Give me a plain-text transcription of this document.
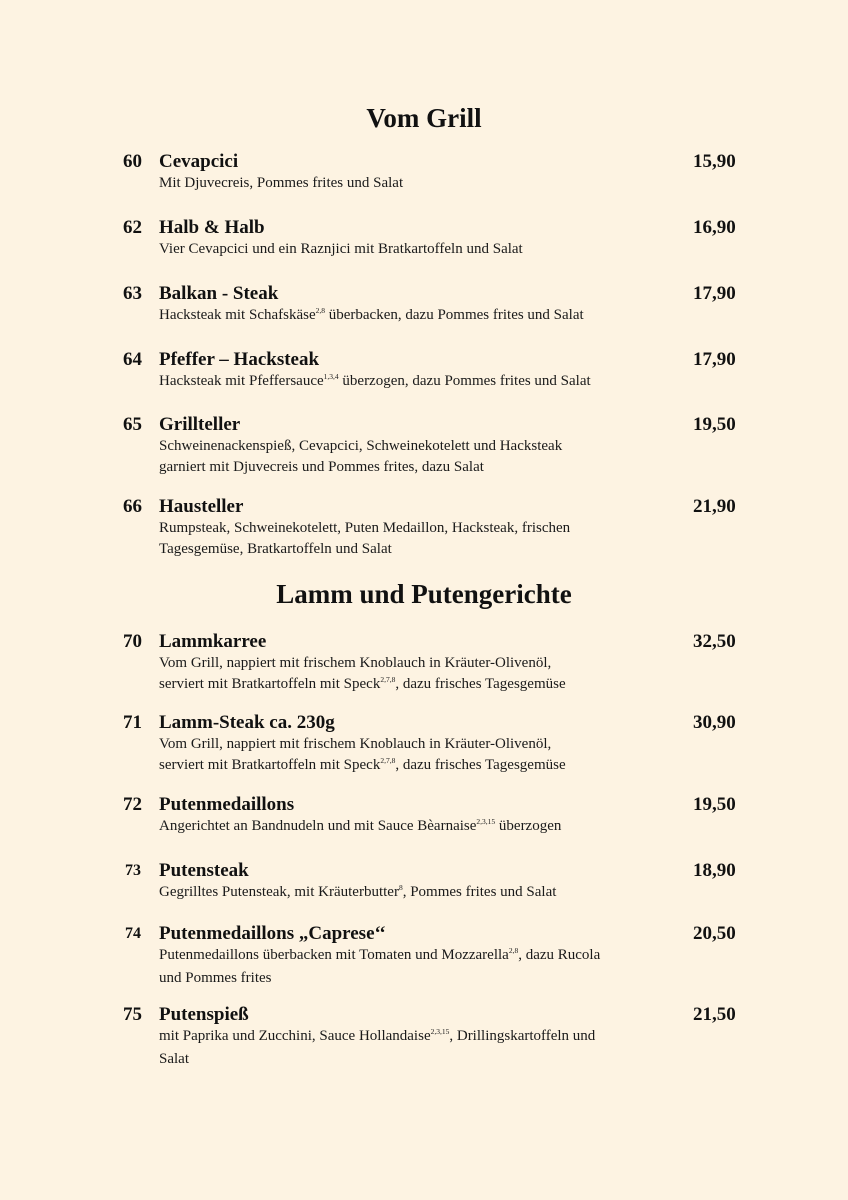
Vom Grill
60 Cevapcici	15,90

Mit Djuvecreis, Pommes frites und Salat

62 Halb & Halb	16,90

Vier Cevapcici und ein Raznjici mit Bratkartoffeln und Salat

63 Balkan - Steak	17,90

Hacksteak mit Schafskäse$^{2,8}$ überbacken, dazu Pommes frites und Salat

64 Pfeffer – Hacksteak	17,90

Hacksteak mit Pfeffersauce$^{1,3,4}$ überzogen, dazu Pommes frites und Salat

65 Grillteller	19,50

Schweinenackenspieß, Cevapcici, Schweinekotelett und Hacksteak

garniert mit Djuvecreis und Pommes frites, dazu Salat

66 Hausteller	21,90

Rumpsteak, Schweinekotelett, Puten Medaillon, Hacksteak, frischen

Tagesgemüse, Bratkartoffeln und Salat

Lamm und Putengerichte
70 Lammkarree	32,50

Vom Grill, nappiert mit frischem Knoblauch in Kräuter-Olivenöl,

serviert mit Bratkartoffeln mit Speck$^{2,7,8}$, dazu frisches Tagesgemüse

71 Lamm-Steak ca. 230g	30,90

Vom Grill, nappiert mit frischem Knoblauch in Kräuter-Olivenöl,

serviert mit Bratkartoffeln mit Speck$^{2,7,8}$, dazu frisches Tagesgemüse

72 Putenmedaillons	19,50

Angerichtet an Bandnudeln und mit Sauce Bèarnaise$^{2,3,15}$ überzogen

73 Putensteak	18,90

Gegrilltes Putensteak, mit Kräuterbutter$^8$, Pommes frites und Salat

74 Putenmedaillons „Caprese‘‘	20,50

Putenmedaillons überbacken mit Tomaten und Mozzarella$^{2,8}$, dazu Rucola

und Pommes frites

75 Putenspieß	21,50

mit Paprika und Zucchini, Sauce Hollandaise$^{2,3,15}$, Drillingskartoffeln und

Salat
